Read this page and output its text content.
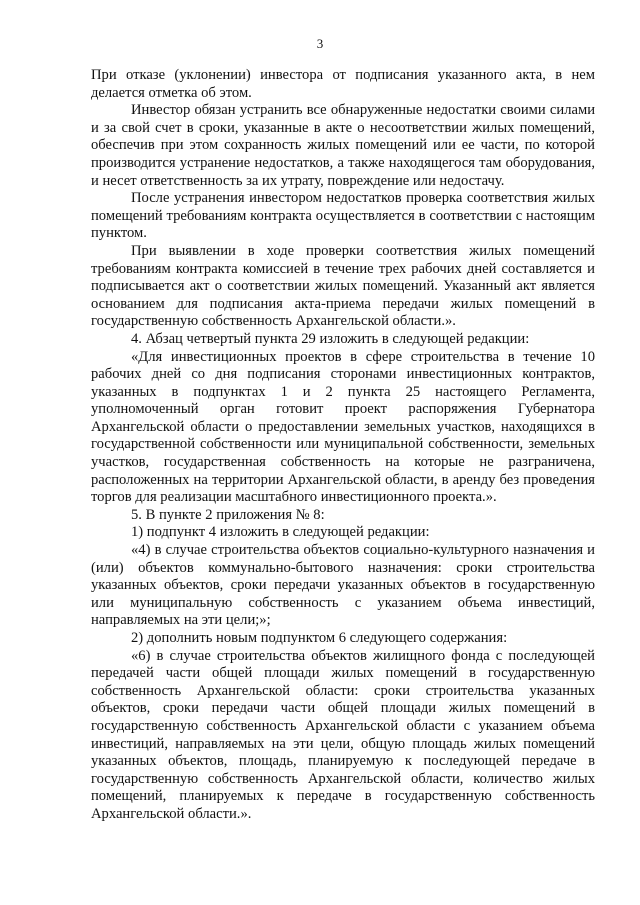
3

При отказе (уклонении) инвестора от подписания указанного акта, в нем делается отметка об этом.

Инвестор обязан устранить все обнаруженные недостатки своими силами и за свой счет в сроки, указанные в акте о несоответствии жилых помещений, обеспечив при этом сохранность жилых помещений или ее части, по которой производится устранение недостатков, а также находящегося там оборудования, и несет ответственность за их утрату, повреждение или недостачу.

После устранения инвестором недостатков проверка соответствия жилых помещений требованиям контракта осуществляется в соответствии с настоящим пунктом.

При выявлении в ходе проверки соответствия жилых помещений требованиям контракта комиссией в течение трех рабочих дней составляется и подписывается акт о соответствии жилых помещений. Указанный акт является основанием для подписания акта-приема передачи жилых помещений в государственную собственность Архангельской области.».

4. Абзац четвертый пункта 29 изложить в следующей редакции:

«Для инвестиционных проектов в сфере строительства в течение 10 рабочих дней со дня подписания сторонами инвестиционных контрактов, указанных в подпунктах 1 и 2 пункта 25 настоящего Регламента, уполномоченный орган готовит проект распоряжения Губернатора Архангельской области о предоставлении земельных участков, находящихся в государственной собственности или муниципальной собственности, земельных участков, государственная собственность на которые не разграничена, расположенных на территории Архангельской области, в аренду без проведения торгов для реализации масштабного инвестиционного проекта.».

5. В пункте 2 приложения № 8:

1) подпункт 4 изложить в следующей редакции:

«4) в случае строительства объектов социально-культурного назначения и (или) объектов коммунально-бытового назначения: сроки строительства указанных объектов, сроки передачи указанных объектов в государственную или муниципальную собственность с указанием объема инвестиций, направляемых на эти цели;»;

2) дополнить новым подпунктом 6 следующего содержания:

«6) в случае строительства объектов жилищного фонда с последующей передачей части общей площади жилых помещений в государственную собственность Архангельской области: сроки строительства указанных объектов, сроки передачи части общей площади жилых помещений в государственную собственность Архангельской области с указанием объема инвестиций, направляемых на эти цели, общую площадь жилых помещений указанных объектов, площадь, планируемую к последующей передаче в государственную собственность Архангельской области, количество жилых помещений, планируемых к передаче в государственную собственность Архангельской области.».
